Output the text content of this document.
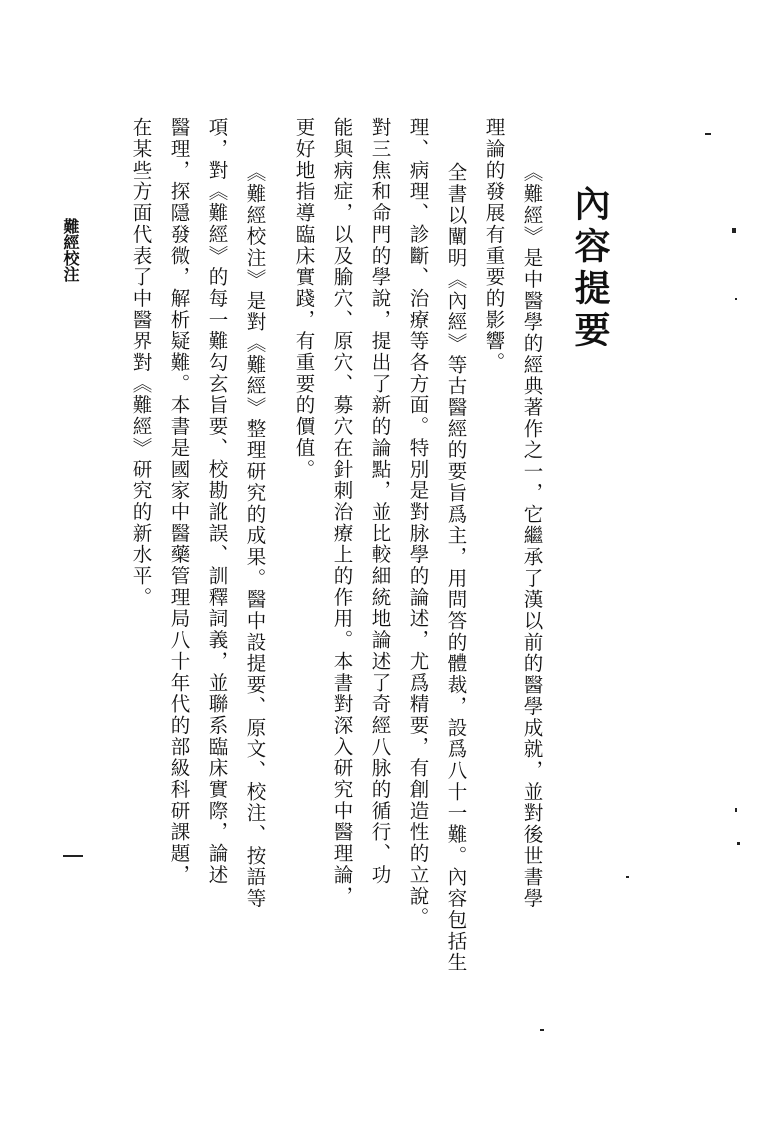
內容提要
《難經》是中醫學的經典著作之一，它繼承了漢以前的醫學成就，並對後世書學
理論的發展有重要的影響。
全書以闡明《內經》等古醫經的要旨爲主，用問答的體裁，設爲八十一難。內容包括生
理、病理、診斷、治療等各方面。特別是對脉學的論述，尤爲精要，有創造性的立說。
對三焦和命門的學說，提出了新的論點，並比較細統地論述了奇經八脉的循行、功
能與病症，以及腧穴、原穴、募穴在針刺治療上的作用。本書對深入研究中醫理論，
更好地指導臨床實踐，有重要的價值。
《難經校注》是對《難經》整理研究的成果。醫中設提要、原文、校注、按語等
項，對《難經》的每一難勾玄旨要、校勘訛誤、訓釋詞義，並聯系臨床實際，論述
醫理，探隱發微，解析疑難。本書是國家中醫藥管理局八十年代的部級科研課題，
在某些方面代表了中醫界對《難經》研究的新水平。
難經校注
